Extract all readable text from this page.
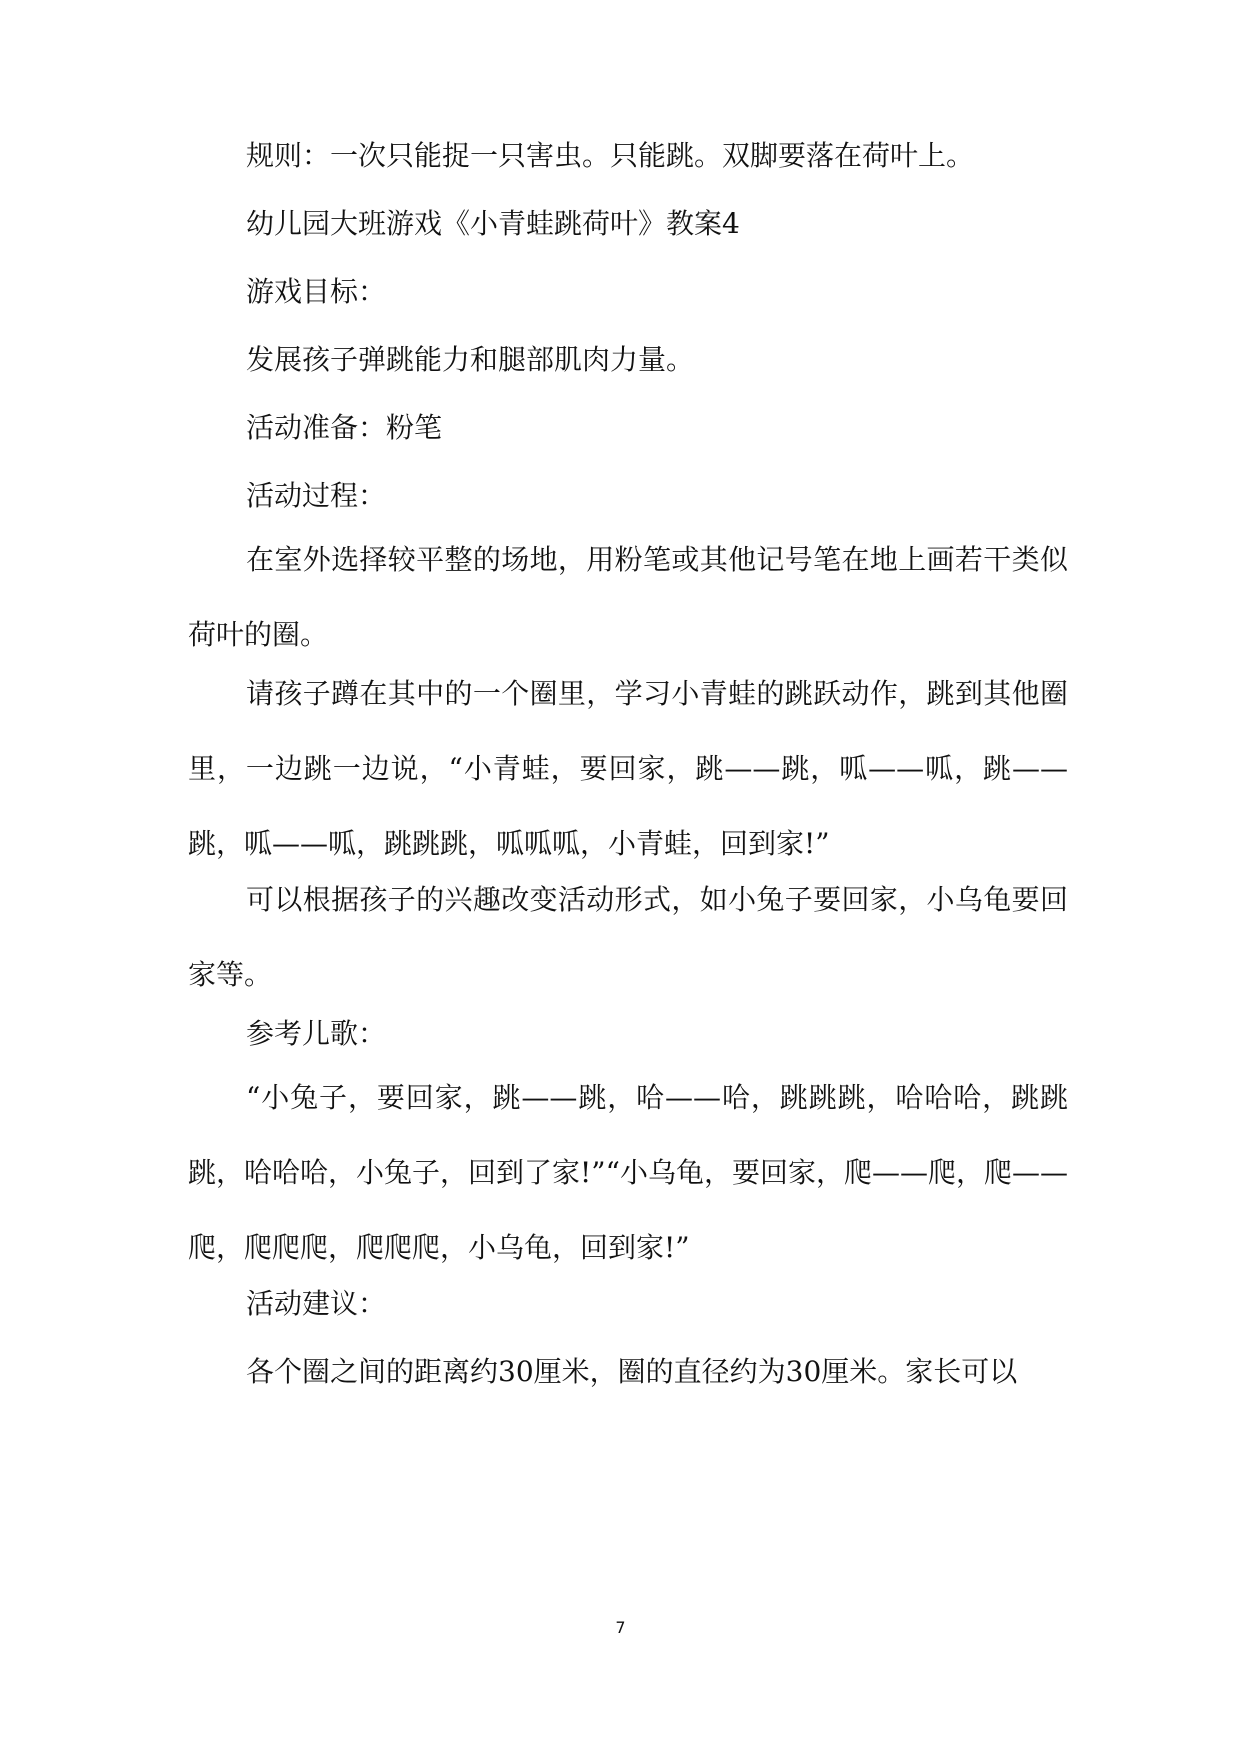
规则：一次只能捉一只害虫。只能跳。双脚要落在荷叶上。

幼儿园大班游戏《小青蛙跳荷叶》教案4

游戏目标：

发展孩子弹跳能力和腿部肌肉力量。

活动准备：粉笔

活动过程：

在室外选择较平整的场地，用粉笔或其他记号笔在地上画若干类似荷叶的圈。

请孩子蹲在其中的一个圈里，学习小青蛙的跳跃动作，跳到其他圈里，一边跳一边说，“小青蛙，要回家，跳——跳，呱——呱，跳——跳，呱——呱，跳跳跳，呱呱呱，小青蛙，回到家!”

可以根据孩子的兴趣改变活动形式，如小兔子要回家，小乌龟要回家等。

参考儿歌：

“小兔子，要回家，跳——跳，哈——哈，跳跳跳，哈哈哈，跳跳跳，哈哈哈，小兔子，回到了家!”“小乌龟，要回家，爬——爬，爬——爬，爬爬爬，爬爬爬，小乌龟，回到家!”

活动建议：

各个圈之间的距离约30厘米，圈的直径约为30厘米。家长可以

7
